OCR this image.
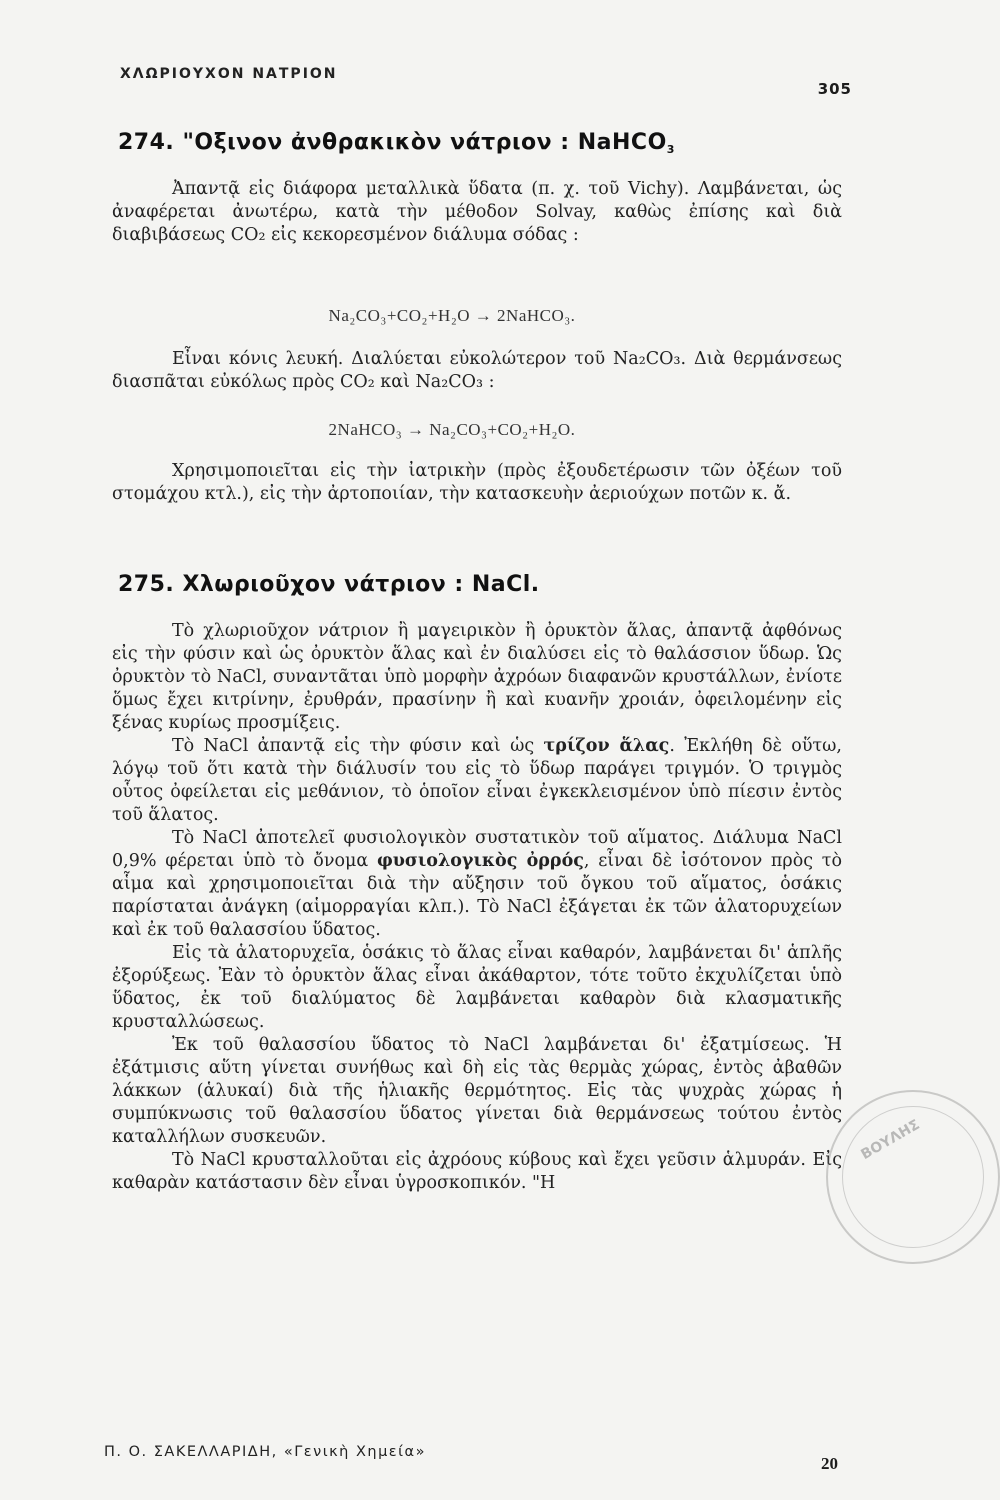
ΧΛΩΡΙΟΥΧΟΝ ΝΑΤΡΙΟΝ
305
274. "Οξινον ἀνθρακικὸν νάτριον : NaHCO$_3$

Ἀπαντᾷ εἰς διάφορα μεταλλικὰ ὕδατα (π. χ. τοῦ Vichy). Λαμβάνεται, ὡς ἀναφέρεται ἀνωτέρω, κατὰ τὴν μέθοδον Solvay, καθὼς ἐπίσης καὶ διὰ διαβιβάσεως CO₂ εἰς κεκορεσμένον διάλυμα σόδας :

Na₂CO₃+CO₂+H₂O → 2NaHCO₃.

Εἶναι κόνις λευκή. Διαλύεται εὐκολώτερον τοῦ Na₂CO₃. Διὰ θερμάνσεως διασπᾶται εὐκόλως πρὸς CO₂ καὶ Na₂CO₃ :

2NaHCO₃ → Na₂CO₃+CO₂+H₂O.

Χρησιμοποιεῖται εἰς τὴν ἰατρικὴν (πρὸς ἐξουδετέρωσιν τῶν ὀξέων τοῦ στομάχου κτλ.), εἰς τὴν ἀρτοποιίαν, τὴν κατασκευὴν ἀεριούχων ποτῶν κ. ἄ.

275. Χλωριοῦχον νάτριον : NaCl.

Τὸ χλωριοῦχον νάτριον ἢ μαγειρικὸν ἢ ὀρυκτὸν ἅλας, ἀπαντᾷ ἀφθόνως εἰς τὴν φύσιν καὶ ὡς ὀρυκτὸν ἅλας καὶ ἐν διαλύσει εἰς τὸ θαλάσσιον ὕδωρ. Ὡς ὀρυκτὸν τὸ NaCl, συναντᾶται ὑπὸ μορφὴν ἀχρόων διαφανῶν κρυστάλλων, ἐνίοτε ὅμως ἔχει κιτρίνην, ἐρυθράν, πρασίνην ἢ καὶ κυανῆν χροιάν, ὀφειλομένην εἰς ξένας κυρίως προσμίξεις.

Τὸ NaCl ἀπαντᾷ εἰς τὴν φύσιν καὶ ὡς τρίζον ἅλας. Ἐκλήθη δὲ οὕτω, λόγῳ τοῦ ὅτι κατὰ τὴν διάλυσίν του εἰς τὸ ὕδωρ παράγει τριγμόν. Ὁ τριγμὸς οὗτος ὀφείλεται εἰς μεθάνιον, τὸ ὁποῖον εἶναι ἐγκεκλεισμένον ὑπὸ πίεσιν ἐντὸς τοῦ ἅλατος.

Τὸ NaCl ἀποτελεῖ φυσιολογικὸν συστατικὸν τοῦ αἵματος. Διάλυμα NaCl 0,9% φέρεται ὑπὸ τὸ ὄνομα φυσιολογικὸς ὀρρός, εἶναι δὲ ἰσότονον πρὸς τὸ αἷμα καὶ χρησιμοποιεῖται διὰ τὴν αὔξησιν τοῦ ὄγκου τοῦ αἵματος, ὁσάκις παρίσταται ἀνάγκη (αἱμορραγίαι κλπ.). Τὸ NaCl ἐξάγεται ἐκ τῶν ἁλατορυχείων καὶ ἐκ τοῦ θαλασσίου ὕδατος.

Εἰς τὰ ἁλατορυχεῖα, ὁσάκις τὸ ἅλας εἶναι καθαρόν, λαμβάνεται δι' ἁπλῆς ἐξορύξεως. Ἐὰν τὸ ὀρυκτὸν ἅλας εἶναι ἀκάθαρτον, τότε τοῦτο ἐκχυλίζεται ὑπὸ ὕδατος, ἐκ τοῦ διαλύματος δὲ λαμβάνεται καθαρὸν διὰ κλασματικῆς κρυσταλλώσεως.

Ἐκ τοῦ θαλασσίου ὕδατος τὸ NaCl λαμβάνεται δι' ἐξατμίσεως. Ἡ ἐξάτμισις αὕτη γίνεται συνήθως καὶ δὴ εἰς τὰς θερμὰς χώρας, ἐντὸς ἀβαθῶν λάκκων (ἁλυκαί) διὰ τῆς ἡλιακῆς θερμότητος. Εἰς τὰς ψυχρὰς χώρας ἡ συμπύκνωσις τοῦ θαλασσίου ὕδατος γίνεται διὰ θερμάνσεως τούτου ἐντὸς καταλλήλων συσκευῶν.

Τὸ NaCl κρυσταλλοῦται εἰς ἀχρόους κύβους καὶ ἔχει γεῦσιν ἁλμυράν. Εἰς καθαρὰν κατάστασιν δὲν εἶναι ὑγροσκοπικόν. "Η

Π. Ο. ΣΑΚΕΛΛΑΡΙΔΗ, «Γενικὴ Χημεία»
20
ΒΟΥΛΗΣ
